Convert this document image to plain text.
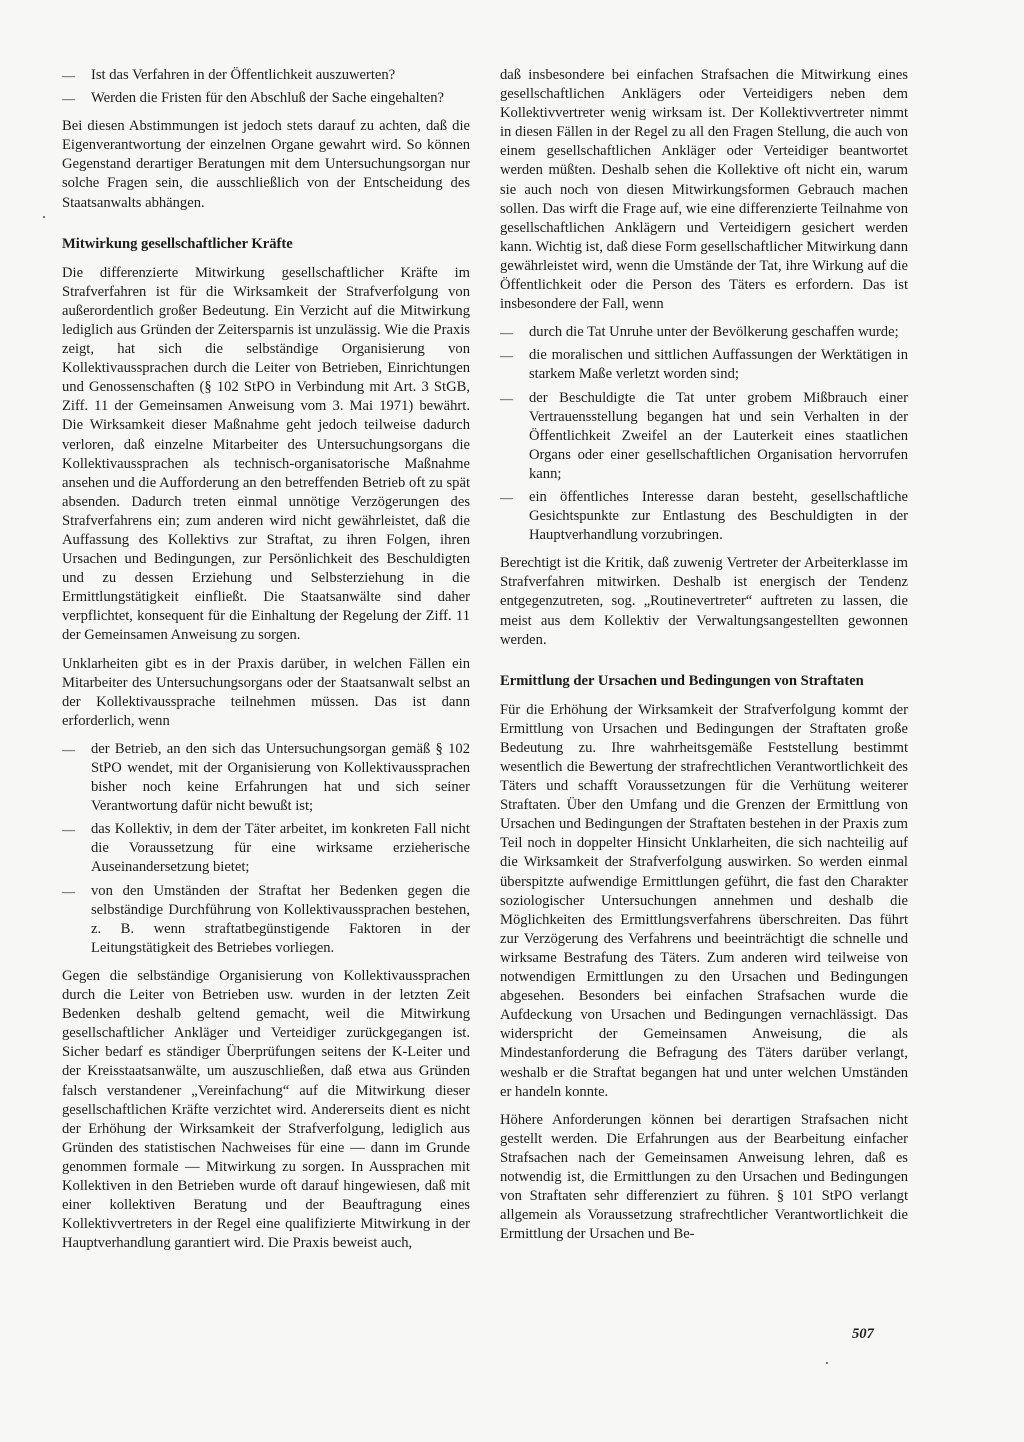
— Ist das Verfahren in der Öffentlichkeit auszuwerten?
— Werden die Fristen für den Abschluß der Sache eingehalten?

Bei diesen Abstimmungen ist jedoch stets darauf zu achten, daß die Eigenverantwortung der einzelnen Organe gewahrt wird. So können Gegenstand derartiger Beratungen mit dem Untersuchungsorgan nur solche Fragen sein, die ausschließlich von der Entscheidung des Staatsanwalts abhängen.

Mitwirkung gesellschaftlicher Kräfte

Die differenzierte Mitwirkung gesellschaftlicher Kräfte im Strafverfahren ist für die Wirksamkeit der Strafverfolgung von außerordentlich großer Bedeutung. Ein Verzicht auf die Mitwirkung lediglich aus Gründen der Zeitersparnis ist unzulässig. Wie die Praxis zeigt, hat sich die selbständige Organisierung von Kollektivaussprachen durch die Leiter von Betrieben, Einrichtungen und Genossenschaften (§ 102 StPO in Verbindung mit Art. 3 StGB, Ziff. 11 der Gemeinsamen Anweisung vom 3. Mai 1971) bewährt. Die Wirksamkeit dieser Maßnahme geht jedoch teilweise dadurch verloren, daß einzelne Mitarbeiter des Untersuchungsorgans die Kollektivaussprachen als technisch-organisatorische Maßnahme ansehen und die Aufforderung an den betreffenden Betrieb oft zu spät absenden. Dadurch treten einmal unnötige Verzögerungen des Strafverfahrens ein; zum anderen wird nicht gewährleistet, daß die Auffassung des Kollektivs zur Straftat, zu ihren Folgen, ihren Ursachen und Bedingungen, zur Persönlichkeit des Beschuldigten und zu dessen Erziehung und Selbsterziehung in die Ermittlungstätigkeit einfließt. Die Staatsanwälte sind daher verpflichtet, konsequent für die Einhaltung der Regelung der Ziff. 11 der Gemeinsamen Anweisung zu sorgen.

Unklarheiten gibt es in der Praxis darüber, in welchen Fällen ein Mitarbeiter des Untersuchungsorgans oder der Staatsanwalt selbst an der Kollektivaussprache teilnehmen müssen. Das ist dann erforderlich, wenn

— der Betrieb, an den sich das Untersuchungsorgan gemäß § 102 StPO wendet, mit der Organisierung von Kollektivaussprachen bisher noch keine Erfahrungen hat und sich seiner Verantwortung dafür nicht bewußt ist;
— das Kollektiv, in dem der Täter arbeitet, im konkreten Fall nicht die Voraussetzung für eine wirksame erzieherische Auseinandersetzung bietet;
— von den Umständen der Straftat her Bedenken gegen die selbständige Durchführung von Kollektivaussprachen bestehen, z. B. wenn straftatbegünstigende Faktoren in der Leitungstätigkeit des Betriebes vorliegen.

Gegen die selbständige Organisierung von Kollektivaussprachen durch die Leiter von Betrieben usw. wurden in der letzten Zeit Bedenken deshalb geltend gemacht, weil die Mitwirkung gesellschaftlicher Ankläger und Verteidiger zurückgegangen ist. Sicher bedarf es ständiger Überprüfungen seitens der K-Leiter und der Kreisstaatsanwälte, um auszuschließen, daß etwa aus Gründen falsch verstandener „Vereinfachung“ auf die Mitwirkung dieser gesellschaftlichen Kräfte verzichtet wird. Andererseits dient es nicht der Erhöhung der Wirksamkeit der Strafverfolgung, lediglich aus Gründen des statistischen Nachweises für eine — dann im Grunde genommen formale — Mitwirkung zu sorgen. In Aussprachen mit Kollektiven in den Betrieben wurde oft darauf hingewiesen, daß mit einer kollektiven Beratung und der Beauftragung eines Kollektivvertreters in der Regel eine qualifizierte Mitwirkung in der Hauptverhandlung garantiert wird. Die Praxis beweist auch,

daß insbesondere bei einfachen Strafsachen die Mitwirkung eines gesellschaftlichen Anklägers oder Verteidigers neben dem Kollektivvertreter wenig wirksam ist. Der Kollektivvertreter nimmt in diesen Fällen in der Regel zu all den Fragen Stellung, die auch von einem gesellschaftlichen Ankläger oder Verteidiger beantwortet werden müßten. Deshalb sehen die Kollektive oft nicht ein, warum sie auch noch von diesen Mitwirkungsformen Gebrauch machen sollen. Das wirft die Frage auf, wie eine differenzierte Teilnahme von gesellschaftlichen Anklägern und Verteidigern gesichert werden kann. Wichtig ist, daß diese Form gesellschaftlicher Mitwirkung dann gewährleistet wird, wenn die Umstände der Tat, ihre Wirkung auf die Öffentlichkeit oder die Person des Täters es erfordern. Das ist insbesondere der Fall, wenn

— durch die Tat Unruhe unter der Bevölkerung geschaffen wurde;
— die moralischen und sittlichen Auffassungen der Werktätigen in starkem Maße verletzt worden sind;
— der Beschuldigte die Tat unter grobem Mißbrauch einer Vertrauensstellung begangen hat und sein Verhalten in der Öffentlichkeit Zweifel an der Lauterkeit eines staatlichen Organs oder einer gesellschaftlichen Organisation hervorrufen kann;
— ein öffentliches Interesse daran besteht, gesellschaftliche Gesichtspunkte zur Entlastung des Beschuldigten in der Hauptverhandlung vorzubringen.

Berechtigt ist die Kritik, daß zuwenig Vertreter der Arbeiterklasse im Strafverfahren mitwirken. Deshalb ist energisch der Tendenz entgegenzutreten, sog. „Routinevertreter“ auftreten zu lassen, die meist aus dem Kollektiv der Verwaltungsangestellten gewonnen werden.

Ermittlung der Ursachen und Bedingungen von Straftaten

Für die Erhöhung der Wirksamkeit der Strafverfolgung kommt der Ermittlung von Ursachen und Bedingungen der Straftaten große Bedeutung zu. Ihre wahrheitsgemäße Feststellung bestimmt wesentlich die Bewertung der strafrechtlichen Verantwortlichkeit des Täters und schafft Voraussetzungen für die Verhütung weiterer Straftaten. Über den Umfang und die Grenzen der Ermittlung von Ursachen und Bedingungen der Straftaten bestehen in der Praxis zum Teil noch in doppelter Hinsicht Unklarheiten, die sich nachteilig auf die Wirksamkeit der Strafverfolgung auswirken. So werden einmal überspitzte aufwendige Ermittlungen geführt, die fast den Charakter soziologischer Untersuchungen annehmen und deshalb die Möglichkeiten des Ermittlungsverfahrens überschreiten. Das führt zur Verzögerung des Verfahrens und beeinträchtigt die schnelle und wirksame Bestrafung des Täters. Zum anderen wird teilweise von notwendigen Ermittlungen zu den Ursachen und Bedingungen abgesehen. Besonders bei einfachen Strafsachen wurde die Aufdeckung von Ursachen und Bedingungen vernachlässigt. Das widerspricht der Gemeinsamen Anweisung, die als Mindestanforderung die Befragung des Täters darüber verlangt, weshalb er die Straftat begangen hat und unter welchen Umständen er handeln konnte.

Höhere Anforderungen können bei derartigen Strafsachen nicht gestellt werden. Die Erfahrungen aus der Bearbeitung einfacher Strafsachen nach der Gemeinsamen Anweisung lehren, daß es notwendig ist, die Ermittlungen zu den Ursachen und Bedingungen von Straftaten sehr differenziert zu führen. § 101 StPO verlangt allgemein als Voraussetzung strafrechtlicher Verantwortlichkeit die Ermittlung der Ursachen und Be-

507
